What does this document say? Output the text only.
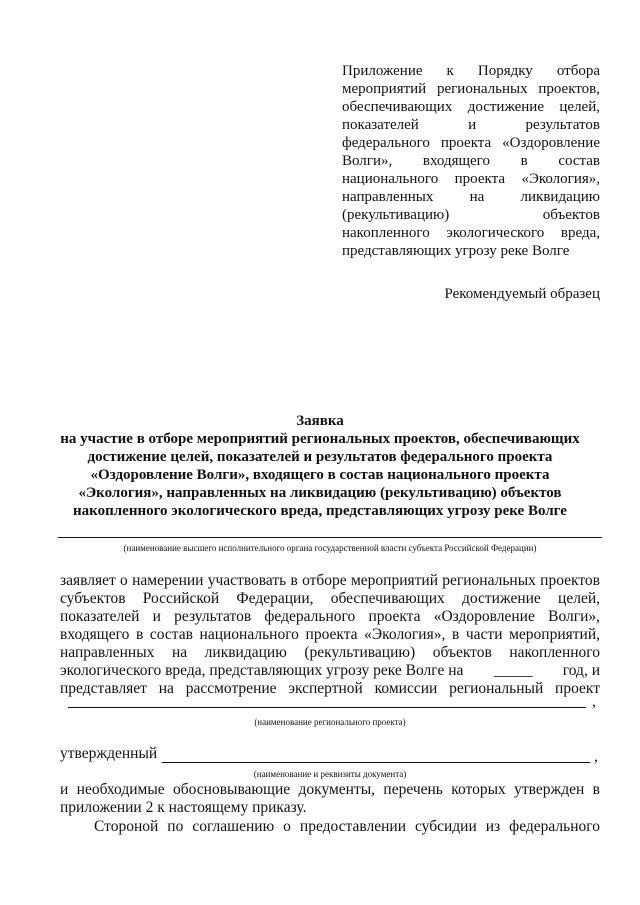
Приложение к Порядку отбора
мероприятий региональных проектов,
обеспечивающих достижение целей,
показателей и результатов
федерального проекта «Оздоровление
Волги», входящего в состав
национального проекта «Экология»,
направленных на ликвидацию
(рекультивацию) объектов
накопленного экологического вреда,
представляющих угрозу реке Волге
Рекомендуемый образец
Заявка
на участие в отборе мероприятий региональных проектов, обеспечивающих
достижение целей, показателей и результатов федерального проекта
«Оздоровление Волги», входящего в состав национального проекта
«Экология», направленных на ликвидацию (рекультивацию) объектов
накопленного экологического вреда, представляющих угрозу реке Волге
(наименование высшего исполнительного органа государственной власти субъекта Российской Федерации)
заявляет о намерении участвовать в отборе мероприятий региональных проектов
субъектов Российской Федерации, обеспечивающих достижение целей,
показателей и результатов федерального проекта «Оздоровление Волги»,
входящего в состав национального проекта «Экология», в части мероприятий,
направленных на ликвидацию (рекультивацию) объектов накопленного
экологического вреда, представляющих угрозу реке Волге на _____ год, и
представляет на рассмотрение экспертной комиссии региональный проект
,
(наименование регионального проекта)
утвержденный	,
(наименование и реквизиты документа)
и необходимые обосновывающие документы, перечень которых утвержден в
приложении 2 к настоящему приказу.
Стороной по соглашению о предоставлении субсидии из федерального
